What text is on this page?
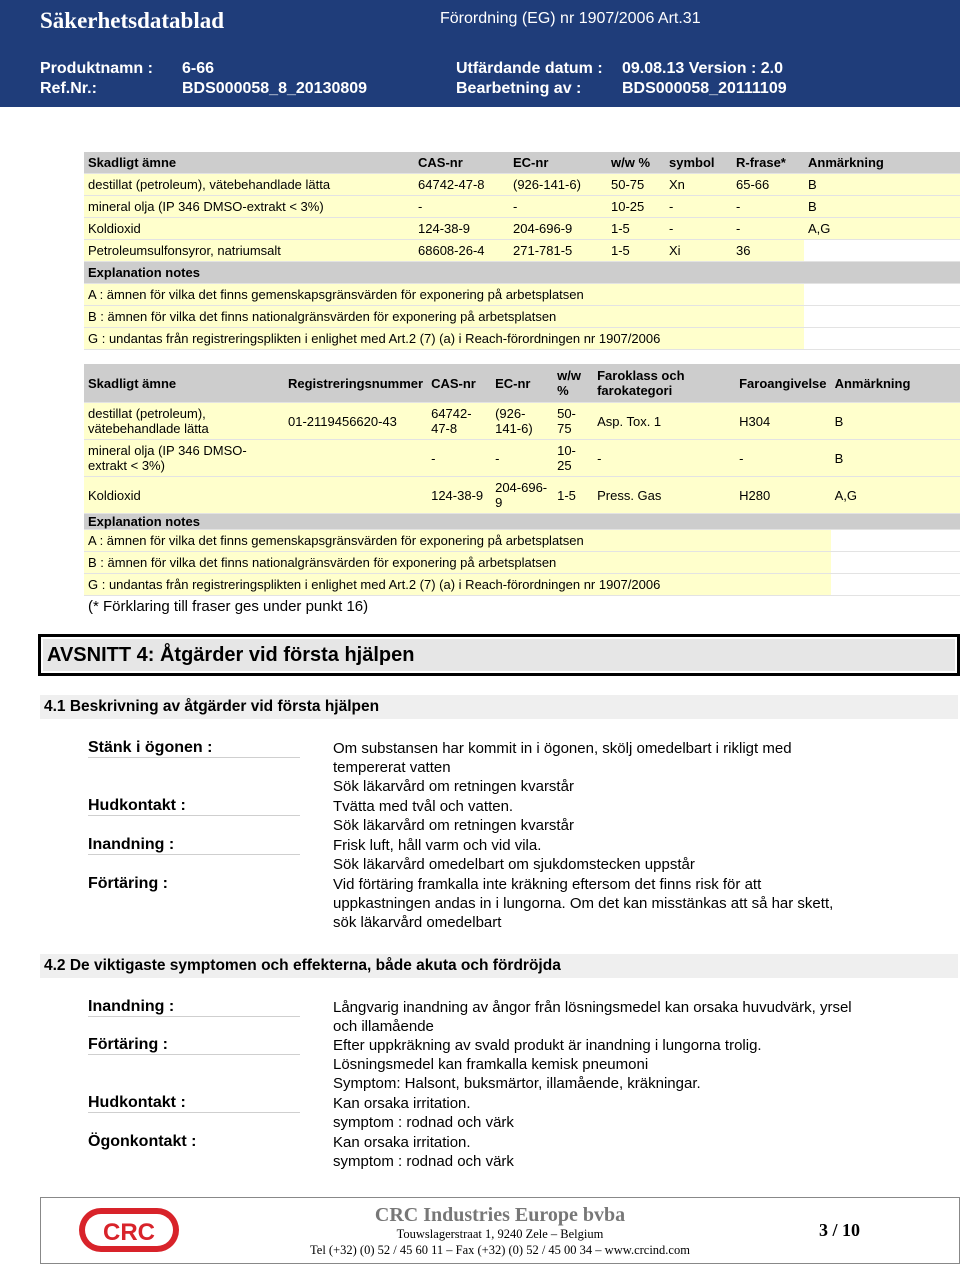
Säkerhetsdatablad	Förordning (EG) nr 1907/2006 Art.31
Produktnamn : 6-66	Utfärdande datum : 09.08.13 Version : 2.0
Ref.Nr.:	BDS000058_8_20130809	Bearbetning av :	BDS000058_20111109
Skadligt ämne	CAS-nr	EC-nr	w/w %	symbol	R-frase*	Anmärkning
destillat (petroleum), vätebehandlade lätta	64742-47-8	(926-141-6)	50-75	Xn	65-66	B
mineral olja (IP 346 DMSO-extrakt < 3%)	-	-	10-25	-	-	B
Koldioxid	124-38-9	204-696-9	1-5	-	-	A,G
Petroleumsulfonsyror, natriumsalt	68608-26-4	271-781-5	1-5	Xi	36	
Explanation notes						
A : ämnen för vilka det finns gemenskapsgränsvärden för exponering på arbetsplatsen						
B : ämnen för vilka det finns nationalgränsvärden för exponering på arbetsplatsen						
G : undantas från registreringsplikten i enlighet med Art.2 (7) (a) i Reach-förordningen nr 1907/2006						
Skadligt ämne	Registreringsnummer	CAS-nr	EC-nr	w/w %	Faroklass och farokategori	Faroangivelse	Anmärkning
destillat (petroleum), vätebehandlade lätta	01-2119456620-43	64742-47-8	(926-141-6)	50-75	Asp. Tox. 1	H304	B
mineral olja (IP 346 DMSO-extrakt < 3%)		-	-	10-25	-	-	B
Koldioxid		124-38-9	204-696-9	1-5	Press. Gas	H280	A,G
Explanation notes							
A : ämnen för vilka det finns gemenskapsgränsvärden för exponering på arbetsplatsen							
B : ämnen för vilka det finns nationalgränsvärden för exponering på arbetsplatsen							
G : undantas från registreringsplikten i enlighet med Art.2 (7) (a) i Reach-förordningen nr 1907/2006							
(* Förklaring till fraser ges under punkt 16)
AVSNITT 4: Åtgärder vid första hjälpen
4.1 Beskrivning av åtgärder vid första hjälpen
Stänk i ögonen :	Om substansen har kommit in i ögonen, skölj omedelbart i rikligt med
tempererat vatten
Sök läkarvård om retningen kvarstår
Hudkontakt :	Tvätta med tvål och vatten.
Sök läkarvård om retningen kvarstår
Inandning :	Frisk luft, håll varm och vid vila.
Sök läkarvård omedelbart om sjukdomstecken uppstår
Förtäring :	Vid förtäring framkalla inte kräkning eftersom det finns risk för att
uppkastningen andas in i lungorna. Om det kan misstänkas att så har skett,
sök läkarvård omedelbart
4.2 De viktigaste symptomen och effekterna, både akuta och fördröjda
Inandning :	Långvarig inandning av ångor från lösningsmedel kan orsaka huvudvärk, yrsel
och illamående
Förtäring :	Efter uppkräkning av svald produkt är inandning i lungorna trolig.
Lösningsmedel kan framkalla kemisk pneumoni
Symptom: Halsont, buksmärtor, illamående, kräkningar.
Hudkontakt :	Kan orsaka irritation.
symptom : rodnad och värk
Ögonkontakt :	Kan orsaka irritation.
symptom : rodnad och värk
CRC
CRC Industries Europe bvba
Touwslagerstraat 1, 9240 Zele – Belgium
Tel (+32) (0) 52 / 45 60 11 – Fax (+32) (0) 52 / 45 00 34 – www.crcind.com
3 / 10
